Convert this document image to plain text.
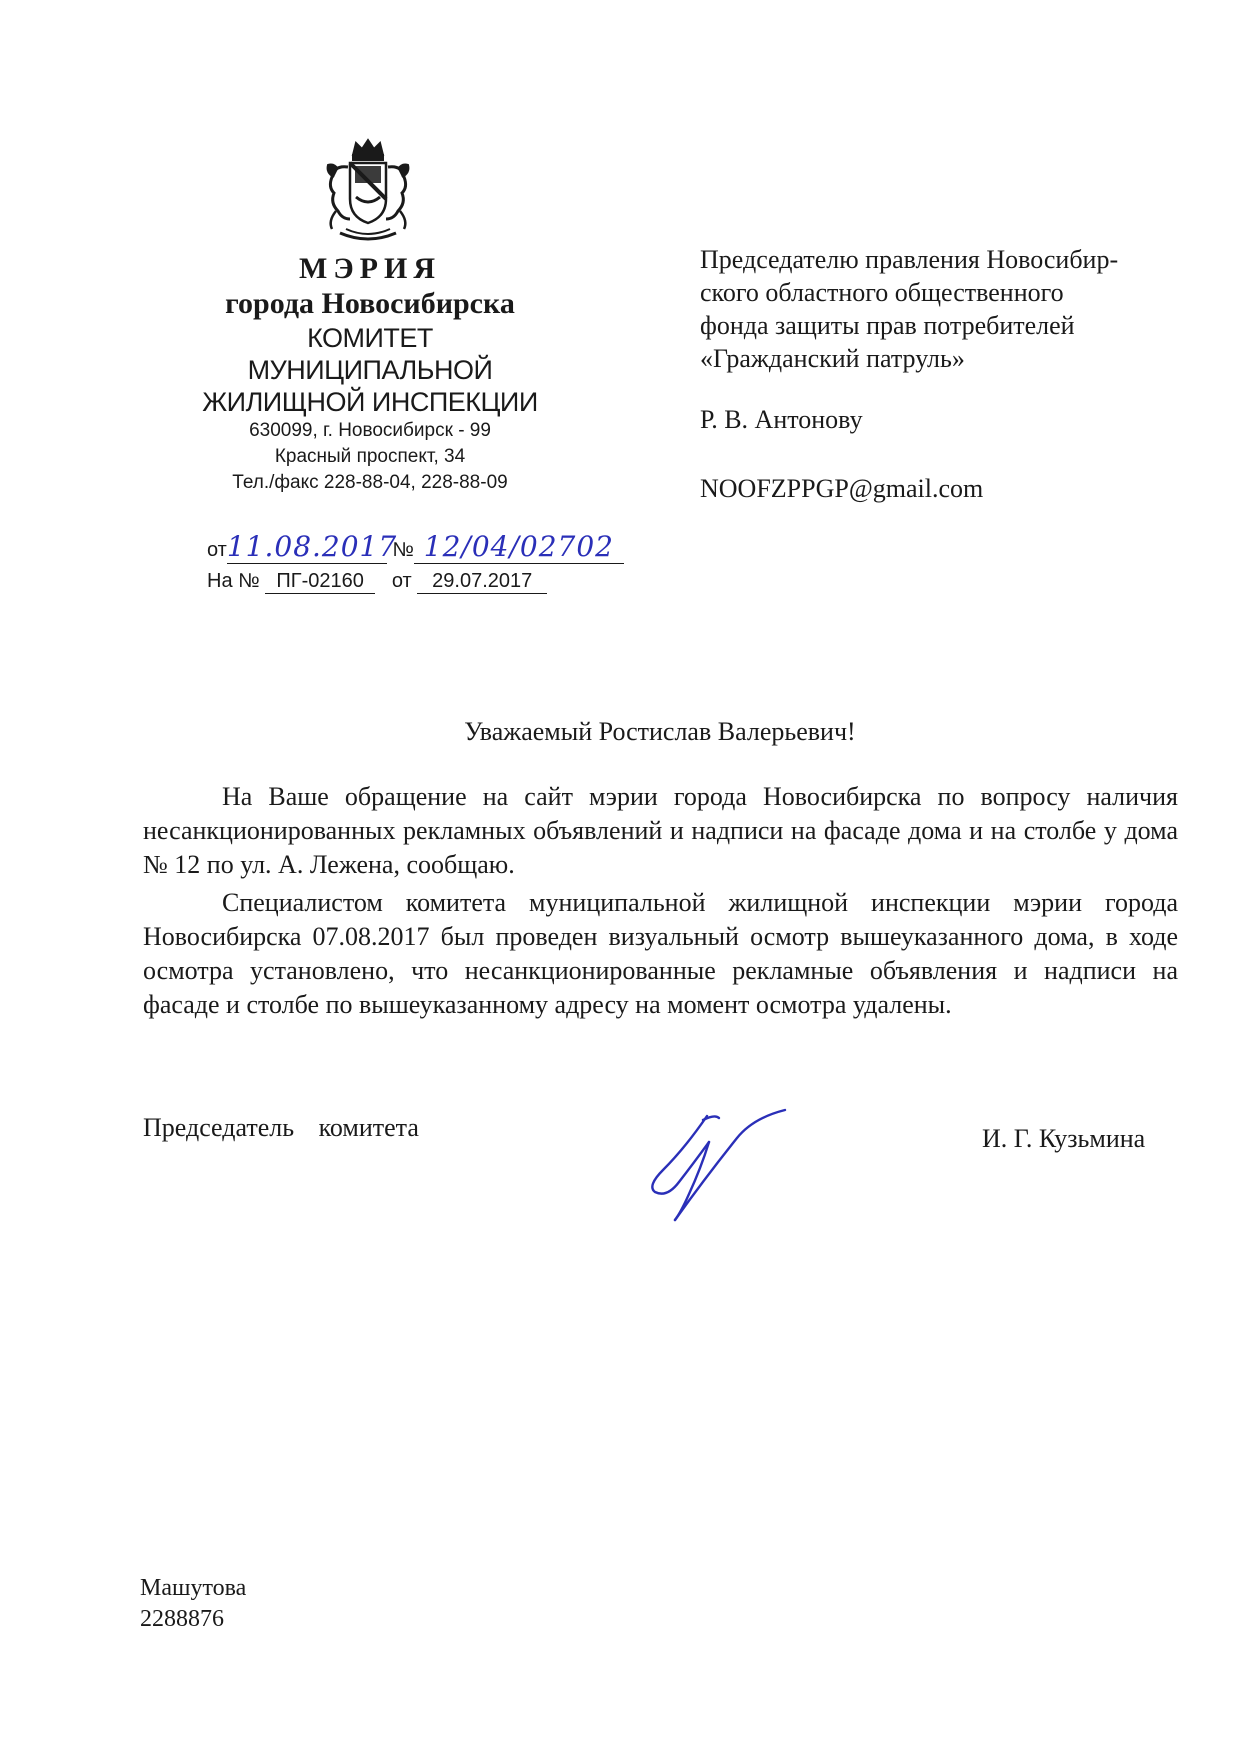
МЭРИЯ

города Новосибирска

КОМИТЕТ

МУНИЦИПАЛЬНОЙ

ЖИЛИЩНОЙ ИНСПЕКЦИИ

630099, г. Новосибирск - 99

Красный проспект, 34

Тел./факс 228-88-04, 228-88-09

от11.08.2017 № 12/04/02702
На № ПГ-02160 от 29.07.2017

Председателю правления Новосибир-

ского областного общественного

фонда защиты прав потребителей

«Гражданский патруль»

Р. В. Антонову

NOOFZPPGP@gmail.com

Уважаемый Ростислав Валерьевич!

На Ваше обращение на сайт мэрии города Новосибирска по вопросу наличия несанкционированных рекламных объявлений и надписи на фасаде дома и на столбе у дома № 12 по ул. А. Лежена, сообщаю.

Специалистом комитета муниципальной жилищной инспекции мэрии города Новосибирска 07.08.2017 был проведен визуальный осмотр вышеуказанного дома, в ходе осмотра установлено, что несанкционированные рекламные объявления и надписи на фасаде и столбе по вышеуказанному адресу на момент осмотра удалены.

Председатель комитета	И. Г. Кузьмина
Машутова
2288876
